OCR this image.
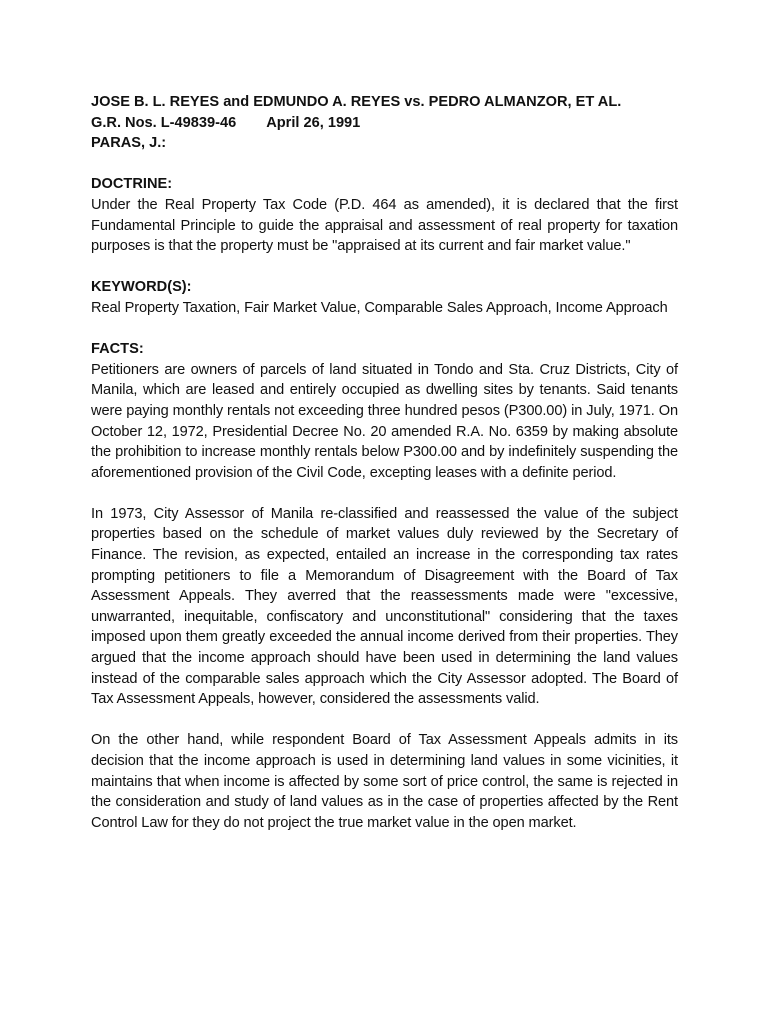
JOSE B. L. REYES and EDMUNDO A. REYES vs. PEDRO ALMANZOR, ET AL.
G.R. Nos. L-49839-46 April 26, 1991
PARAS, J.:

DOCTRINE:

Under the Real Property Tax Code (P.D. 464 as amended), it is declared that the first Fundamental Principle to guide the appraisal and assessment of real property for taxation purposes is that the property must be "appraised at its current and fair market value."

KEYWORD(S):

Real Property Taxation, Fair Market Value, Comparable Sales Approach, Income Approach

FACTS:

Petitioners are owners of parcels of land situated in Tondo and Sta. Cruz Districts, City of Manila, which are leased and entirely occupied as dwelling sites by tenants. Said tenants were paying monthly rentals not exceeding three hundred pesos (P300.00) in July, 1971. On October 12, 1972, Presidential Decree No. 20 amended R.A. No. 6359 by making absolute the prohibition to increase monthly rentals below P300.00 and by indefinitely suspending the aforementioned provision of the Civil Code, excepting leases with a definite period.

In 1973, City Assessor of Manila re-classified and reassessed the value of the subject properties based on the schedule of market values duly reviewed by the Secretary of Finance. The revision, as expected, entailed an increase in the corresponding tax rates prompting petitioners to file a Memorandum of Disagreement with the Board of Tax Assessment Appeals. They averred that the reassessments made were "excessive, unwarranted, inequitable, confiscatory and unconstitutional" considering that the taxes imposed upon them greatly exceeded the annual income derived from their properties. They argued that the income approach should have been used in determining the land values instead of the comparable sales approach which the City Assessor adopted. The Board of Tax Assessment Appeals, however, considered the assessments valid.

On the other hand, while respondent Board of Tax Assessment Appeals admits in its decision that the income approach is used in determining land values in some vicinities, it maintains that when income is affected by some sort of price control, the same is rejected in the consideration and study of land values as in the case of properties affected by the Rent Control Law for they do not project the true market value in the open market.
